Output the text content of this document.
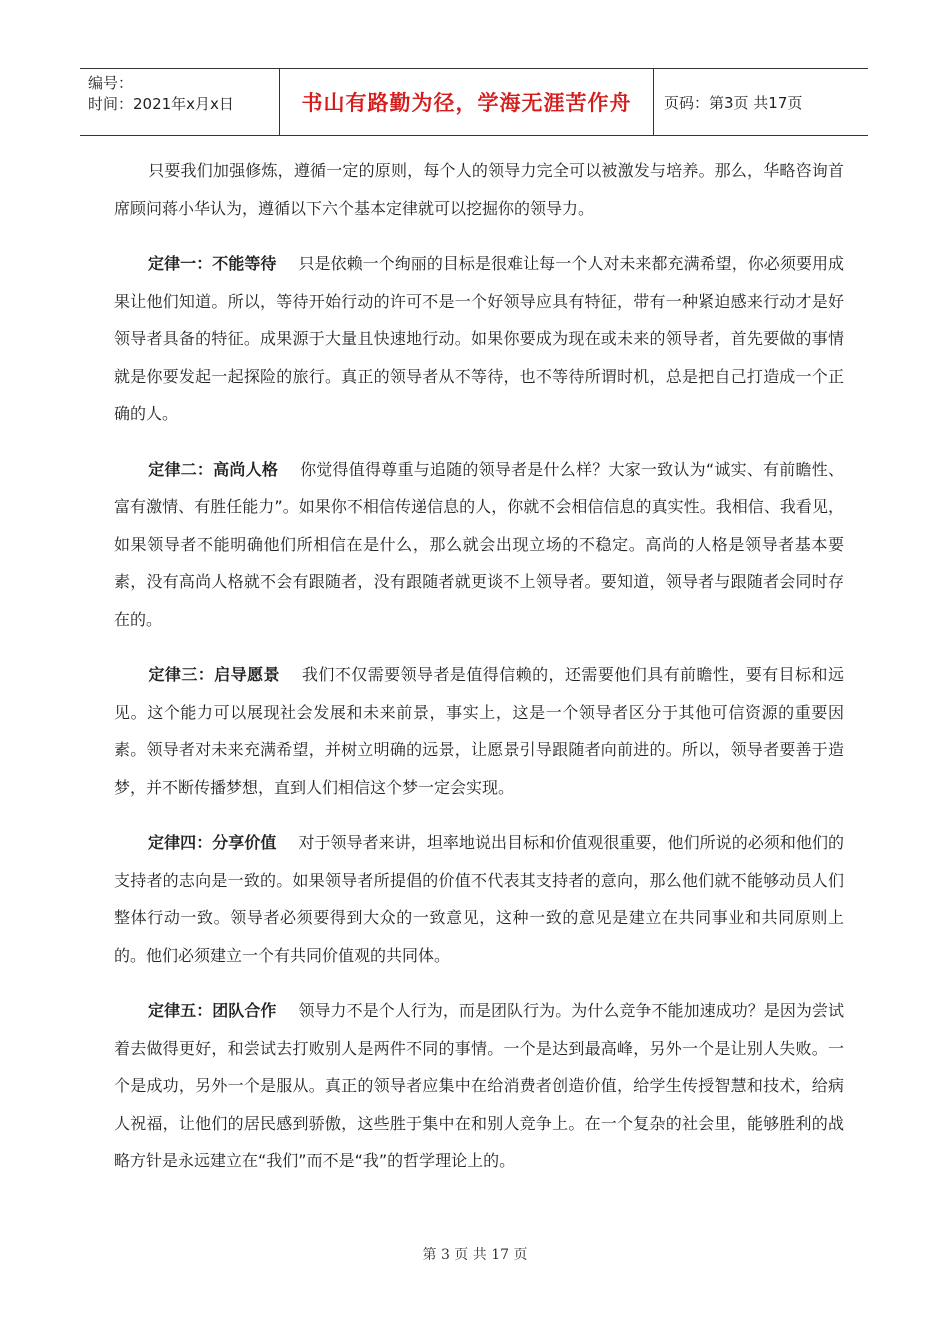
编号：
时间：2021年x月x日	书山有路勤为径，学海无涯苦作舟 页码：第3页 共17页

只要我们加强修炼，遵循一定的原则，每个人的领导力完全可以被激发与培养。那么，华略咨询首席顾问蒋小华认为，遵循以下六个基本定律就可以挖掘你的领导力。

定律一：不能等待 只是依赖一个绚丽的目标是很难让每一个人对未来都充满希望，你必须要用成果让他们知道。所以，等待开始行动的许可不是一个好领导应具有特征，带有一种紧迫感来行动才是好领导者具备的特征。成果源于大量且快速地行动。如果你要成为现在或未来的领导者，首先要做的事情就是你要发起一起探险的旅行。真正的领导者从不等待，也不等待所谓时机，总是把自己打造成一个正确的人。

定律二：高尚人格 你觉得值得尊重与追随的领导者是什么样？大家一致认为“诚实、有前瞻性、富有激情、有胜任能力”。如果你不相信传递信息的人，你就不会相信信息的真实性。我相信、我看见，如果领导者不能明确他们所相信在是什么，那么就会出现立场的不稳定。高尚的人格是领导者基本要素，没有高尚人格就不会有跟随者，没有跟随者就更谈不上领导者。要知道，领导者与跟随者会同时存在的。

定律三：启导愿景 我们不仅需要领导者是值得信赖的，还需要他们具有前瞻性，要有目标和远见。这个能力可以展现社会发展和未来前景，事实上，这是一个领导者区分于其他可信资源的重要因素。领导者对未来充满希望，并树立明确的远景，让愿景引导跟随者向前进的。所以，领导者要善于造梦，并不断传播梦想，直到人们相信这个梦一定会实现。

定律四：分享价值 对于领导者来讲，坦率地说出目标和价值观很重要，他们所说的必须和他们的支持者的志向是一致的。如果领导者所提倡的价值不代表其支持者的意向，那么他们就不能够动员人们整体行动一致。领导者必须要得到大众的一致意见，这种一致的意见是建立在共同事业和共同原则上的。他们必须建立一个有共同价值观的共同体。

定律五：团队合作 领导力不是个人行为，而是团队行为。为什么竞争不能加速成功？是因为尝试着去做得更好，和尝试去打败别人是两件不同的事情。一个是达到最高峰，另外一个是让别人失败。一个是成功，另外一个是服从。真正的领导者应集中在给消费者创造价值，给学生传授智慧和技术，给病人祝福，让他们的居民感到骄傲，这些胜于集中在和别人竞争上。在一个复杂的社会里，能够胜利的战略方针是永远建立在“我们”而不是“我”的哲学理论上的。

第 3 页 共 17 页
